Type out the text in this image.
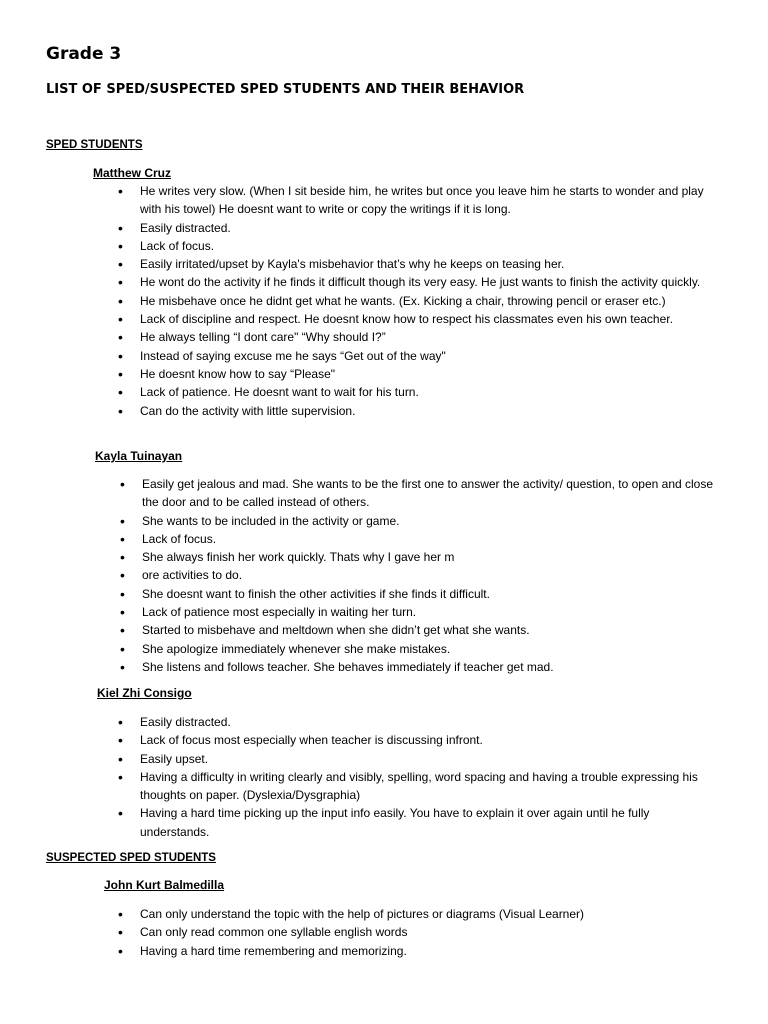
Grade 3
LIST OF SPED/SUSPECTED SPED STUDENTS AND THEIR BEHAVIOR
SPED STUDENTS
Matthew Cruz
• He writes very slow. (When I sit beside him, he writes but once you leave him he starts to wonder and play with his towel) He doesnt want to write or copy the writings if it is long.
• Easily distracted.
• Lack of focus.
• Easily irritated/upset by Kayla's misbehavior that’s why he keeps on teasing her.
• He wont do the activity if he finds it difficult though its very easy. He just wants to finish the activity quickly.
• He misbehave once he didnt get what he wants. (Ex. Kicking a chair, throwing pencil or eraser etc.)
• Lack of discipline and respect. He doesnt know how to respect his classmates even his own teacher.
• He always telling “I dont care" “Why should I?”
• Instead of saying excuse me he says “Get out of the way"
• He doesnt know how to say “Please"
• Lack of patience. He doesnt want to wait for his turn.
• Can do the activity with little supervision.
Kayla Tuinayan
• Easily get jealous and mad. She wants to be the first one to answer the activity/ question, to open and close the door and to be called instead of others.
• She wants to be included in the activity or game.
• Lack of focus.
• She always finish her work quickly. Thats why I gave her m
• ore activities to do.
• She doesnt want to finish the other activities if she finds it difficult.
• Lack of patience most especially in waiting her turn.
• Started to misbehave and meltdown when she didn’t get what she wants.
• She apologize immediately whenever she make mistakes.
• She listens and follows teacher. She behaves immediately if teacher get mad.
Kiel Zhi Consigo
• Easily distracted.
• Lack of focus most especially when teacher is discussing infront.
• Easily upset.
• Having a difficulty in writing clearly and visibly, spelling, word spacing and having a trouble expressing his thoughts on paper. (Dyslexia/Dysgraphia)
• Having a hard time picking up the input info easily. You have to explain it over again until he fully understands.
SUSPECTED SPED STUDENTS
John Kurt Balmedilla
• Can only understand the topic with the help of pictures or diagrams (Visual Learner)
• Can only read common one syllable english words
• Having a hard time remembering and memorizing.
